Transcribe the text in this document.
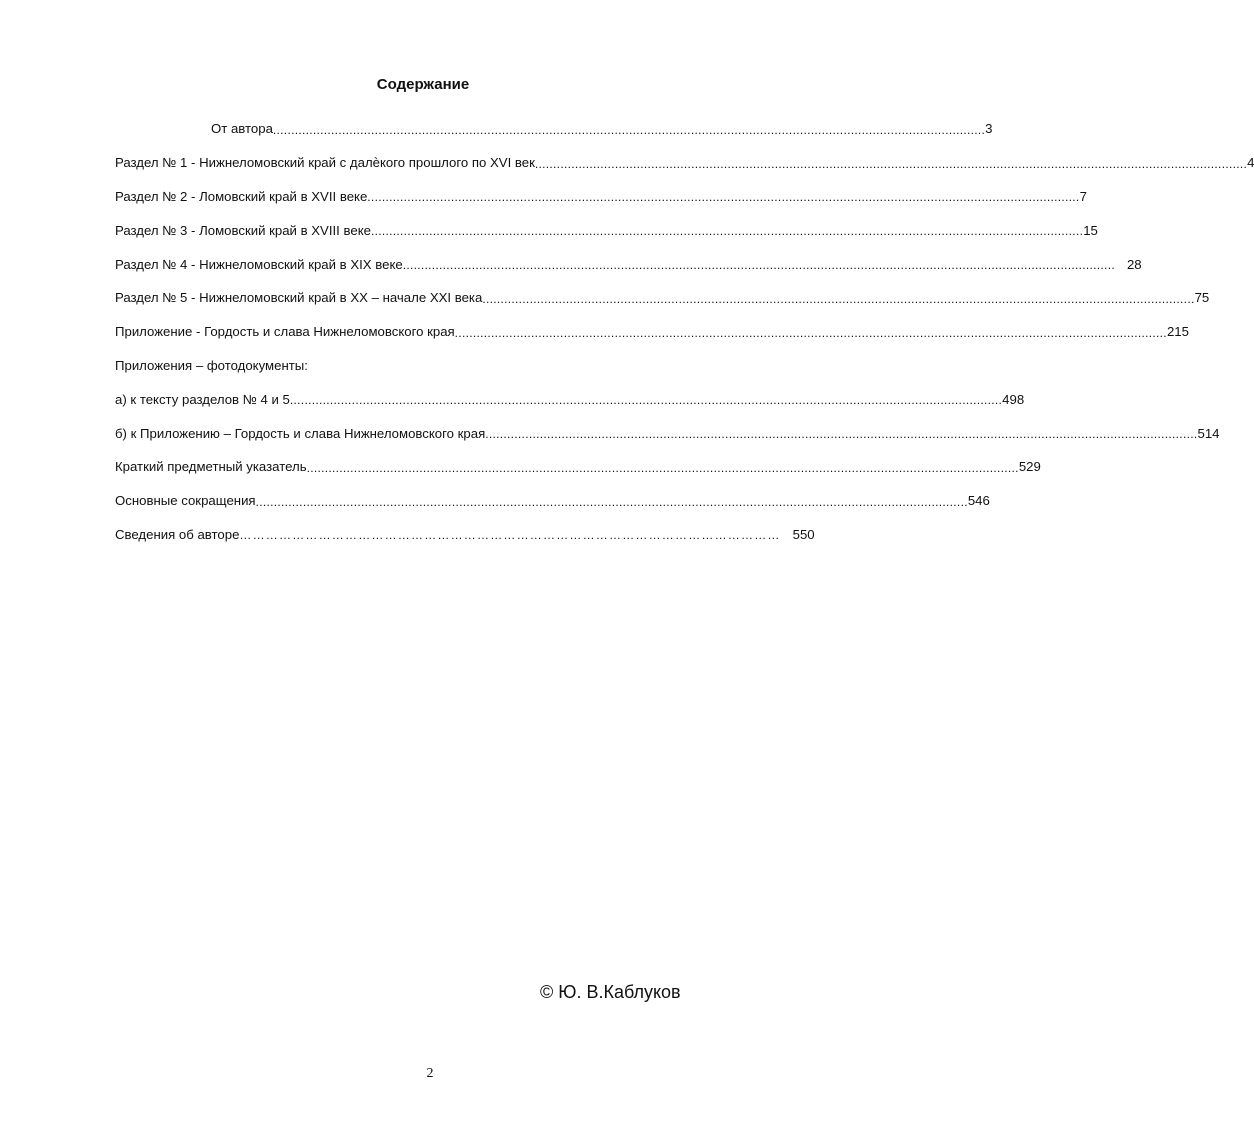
Содержание
От автора .................................................................................................................................................................................................... 3
Раздел № 1 - Нижнеломовский край с далѐкого прошлого по XVI век .................................................................................................................................................................................................... 4
Раздел № 2 - Ломовский край в XVII веке .................................................................................................................................................................................................... 7
Раздел № 3 - Ломовский край в XVIII веке .................................................................................................................................................................................................... 15
Раздел № 4 - Нижнеломовский край в XIX веке .................................................................................................................................................................................................... 28
Раздел № 5 - Нижнеломовский край в XX – начале XXI века .................................................................................................................................................................................................... 75
Приложение - Гордость и слава Нижнеломовского края .................................................................................................................................................................................................... 215
Приложения – фотодокументы:
а) к тексту разделов № 4 и 5 .................................................................................................................................................................................................... 498
б) к Приложению – Гордость и слава Нижнеломовского края .................................................................................................................................................................................................... 514
Краткий предметный указатель .................................................................................................................................................................................................... 529
Основные сокращения .................................................................................................................................................................................................... 546
Сведения об авторе …………………………………………………………………………………………………………… 550
© Ю. В.Каблуков
2
